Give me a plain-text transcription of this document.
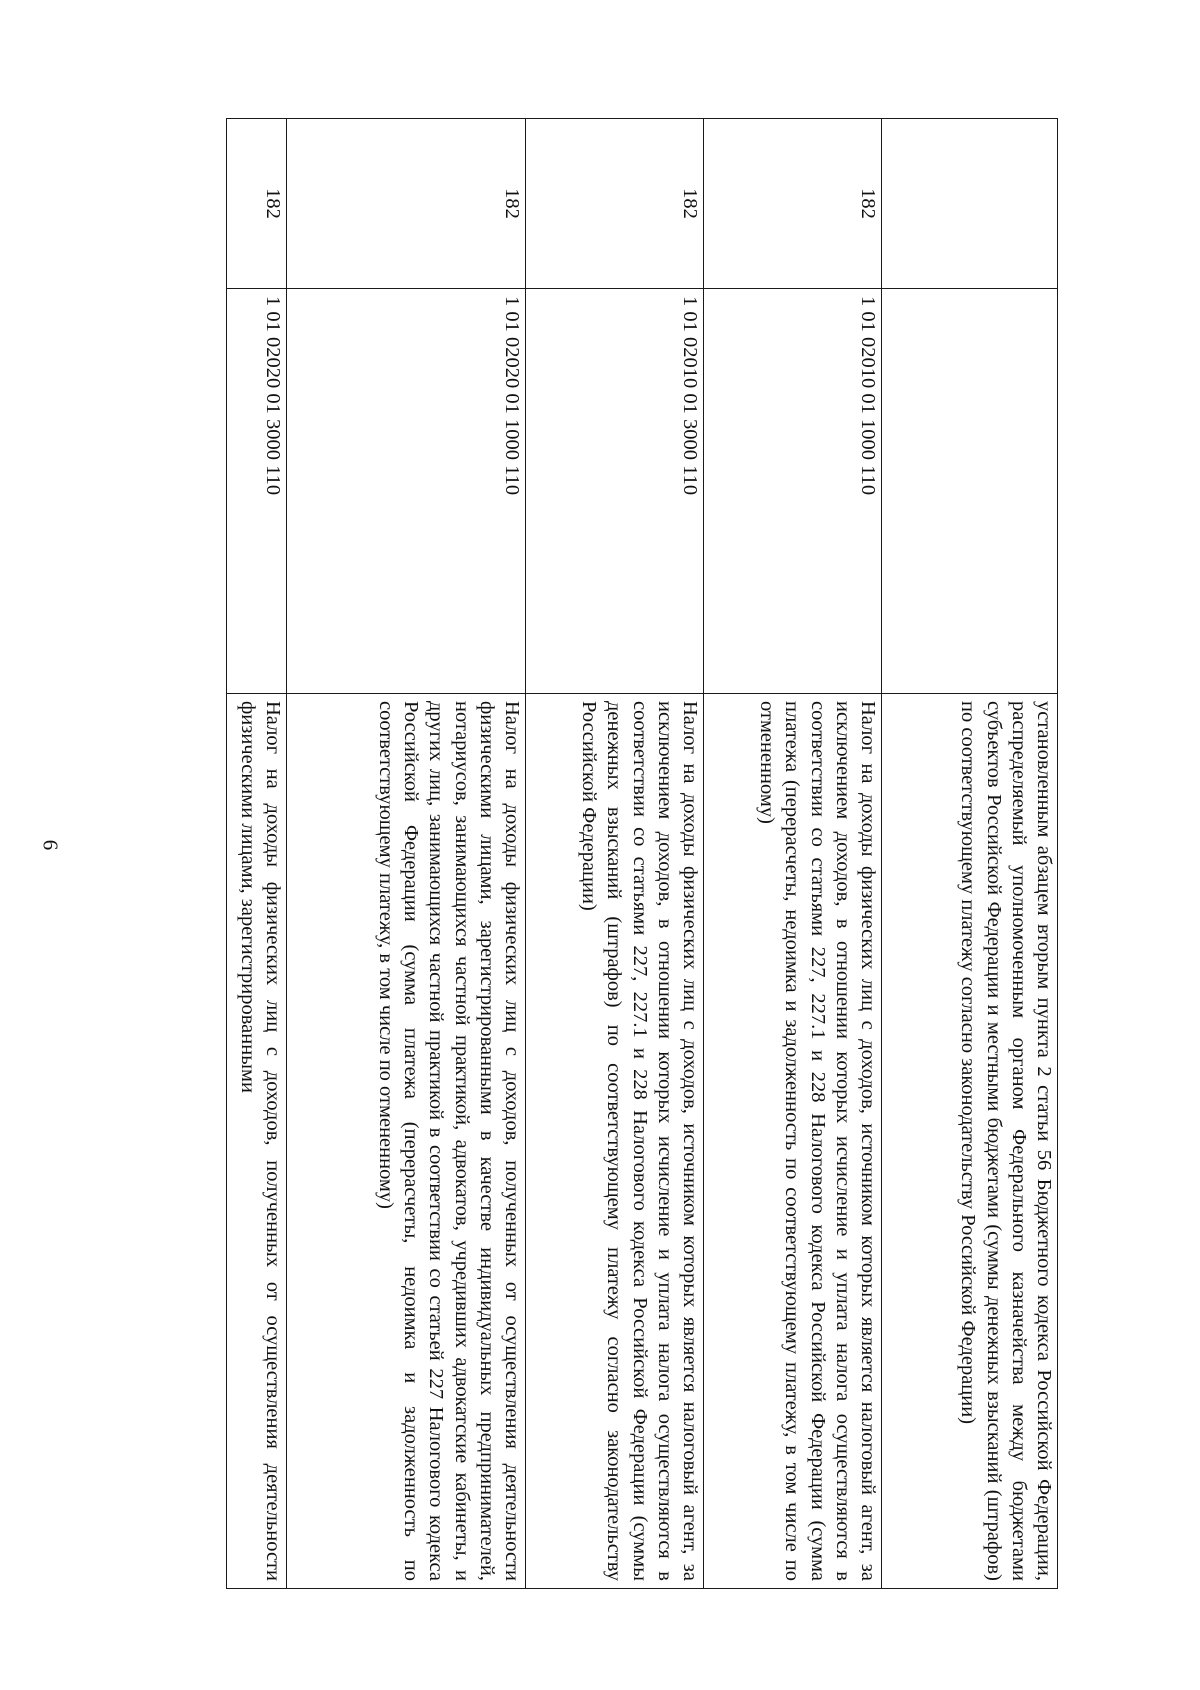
6
			установленным абзацем вторым пункта 2 статьи 56 Бюджетного кодекса Российской Федерации, распределяемый уполномоченным органом Федерального казначейства между бюджетами субъектов Российской Федерации и местными бюджетами (суммы денежных взысканий (штрафов) по соответствующему платежу согласно законодательству Российской Федерации)
182	1 01 02010 01 1000 110	Налог на доходы физических лиц с доходов, источником которых является налоговый агент, за исключением доходов, в отношении которых исчисление и уплата налога осуществляются в соответствии со статьями 227, 227.1 и 228 Налогового кодекса Российской Федерации (сумма платежа (перерасчеты, недоимка и задолженность по соответствующему платежу, в том числе по отмененному)
182	1 01 02010 01 3000 110	Налог на доходы физических лиц с доходов, источником которых является налоговый агент, за исключением доходов, в отношении которых исчисление и уплата налога осуществляются в соответствии со статьями 227, 227.1 и 228 Налогового кодекса Российской Федерации (суммы денежных взысканий (штрафов) по соответствующему платежу согласно законодательству Российской Федерации)
182	1 01 02020 01 1000 110	Налог на доходы физических лиц с доходов, полученных от осуществления деятельности физическими лицами, зарегистрированными в качестве индивидуальных предпринимателей, нотариусов, занимающихся частной практикой, адвокатов, учредивших адвокатские кабинеты, и других лиц, занимающихся частной практикой в соответствии со статьей 227 Налогового кодекса Российской Федерации (сумма платежа (перерасчеты, недоимка и задолженность по соответствующему платежу, в том числе по отмененному)
182	1 01 02020 01 3000 110	Налог на доходы физических лиц с доходов, полученных от осуществления деятельности физическими лицами, зарегистрированными
